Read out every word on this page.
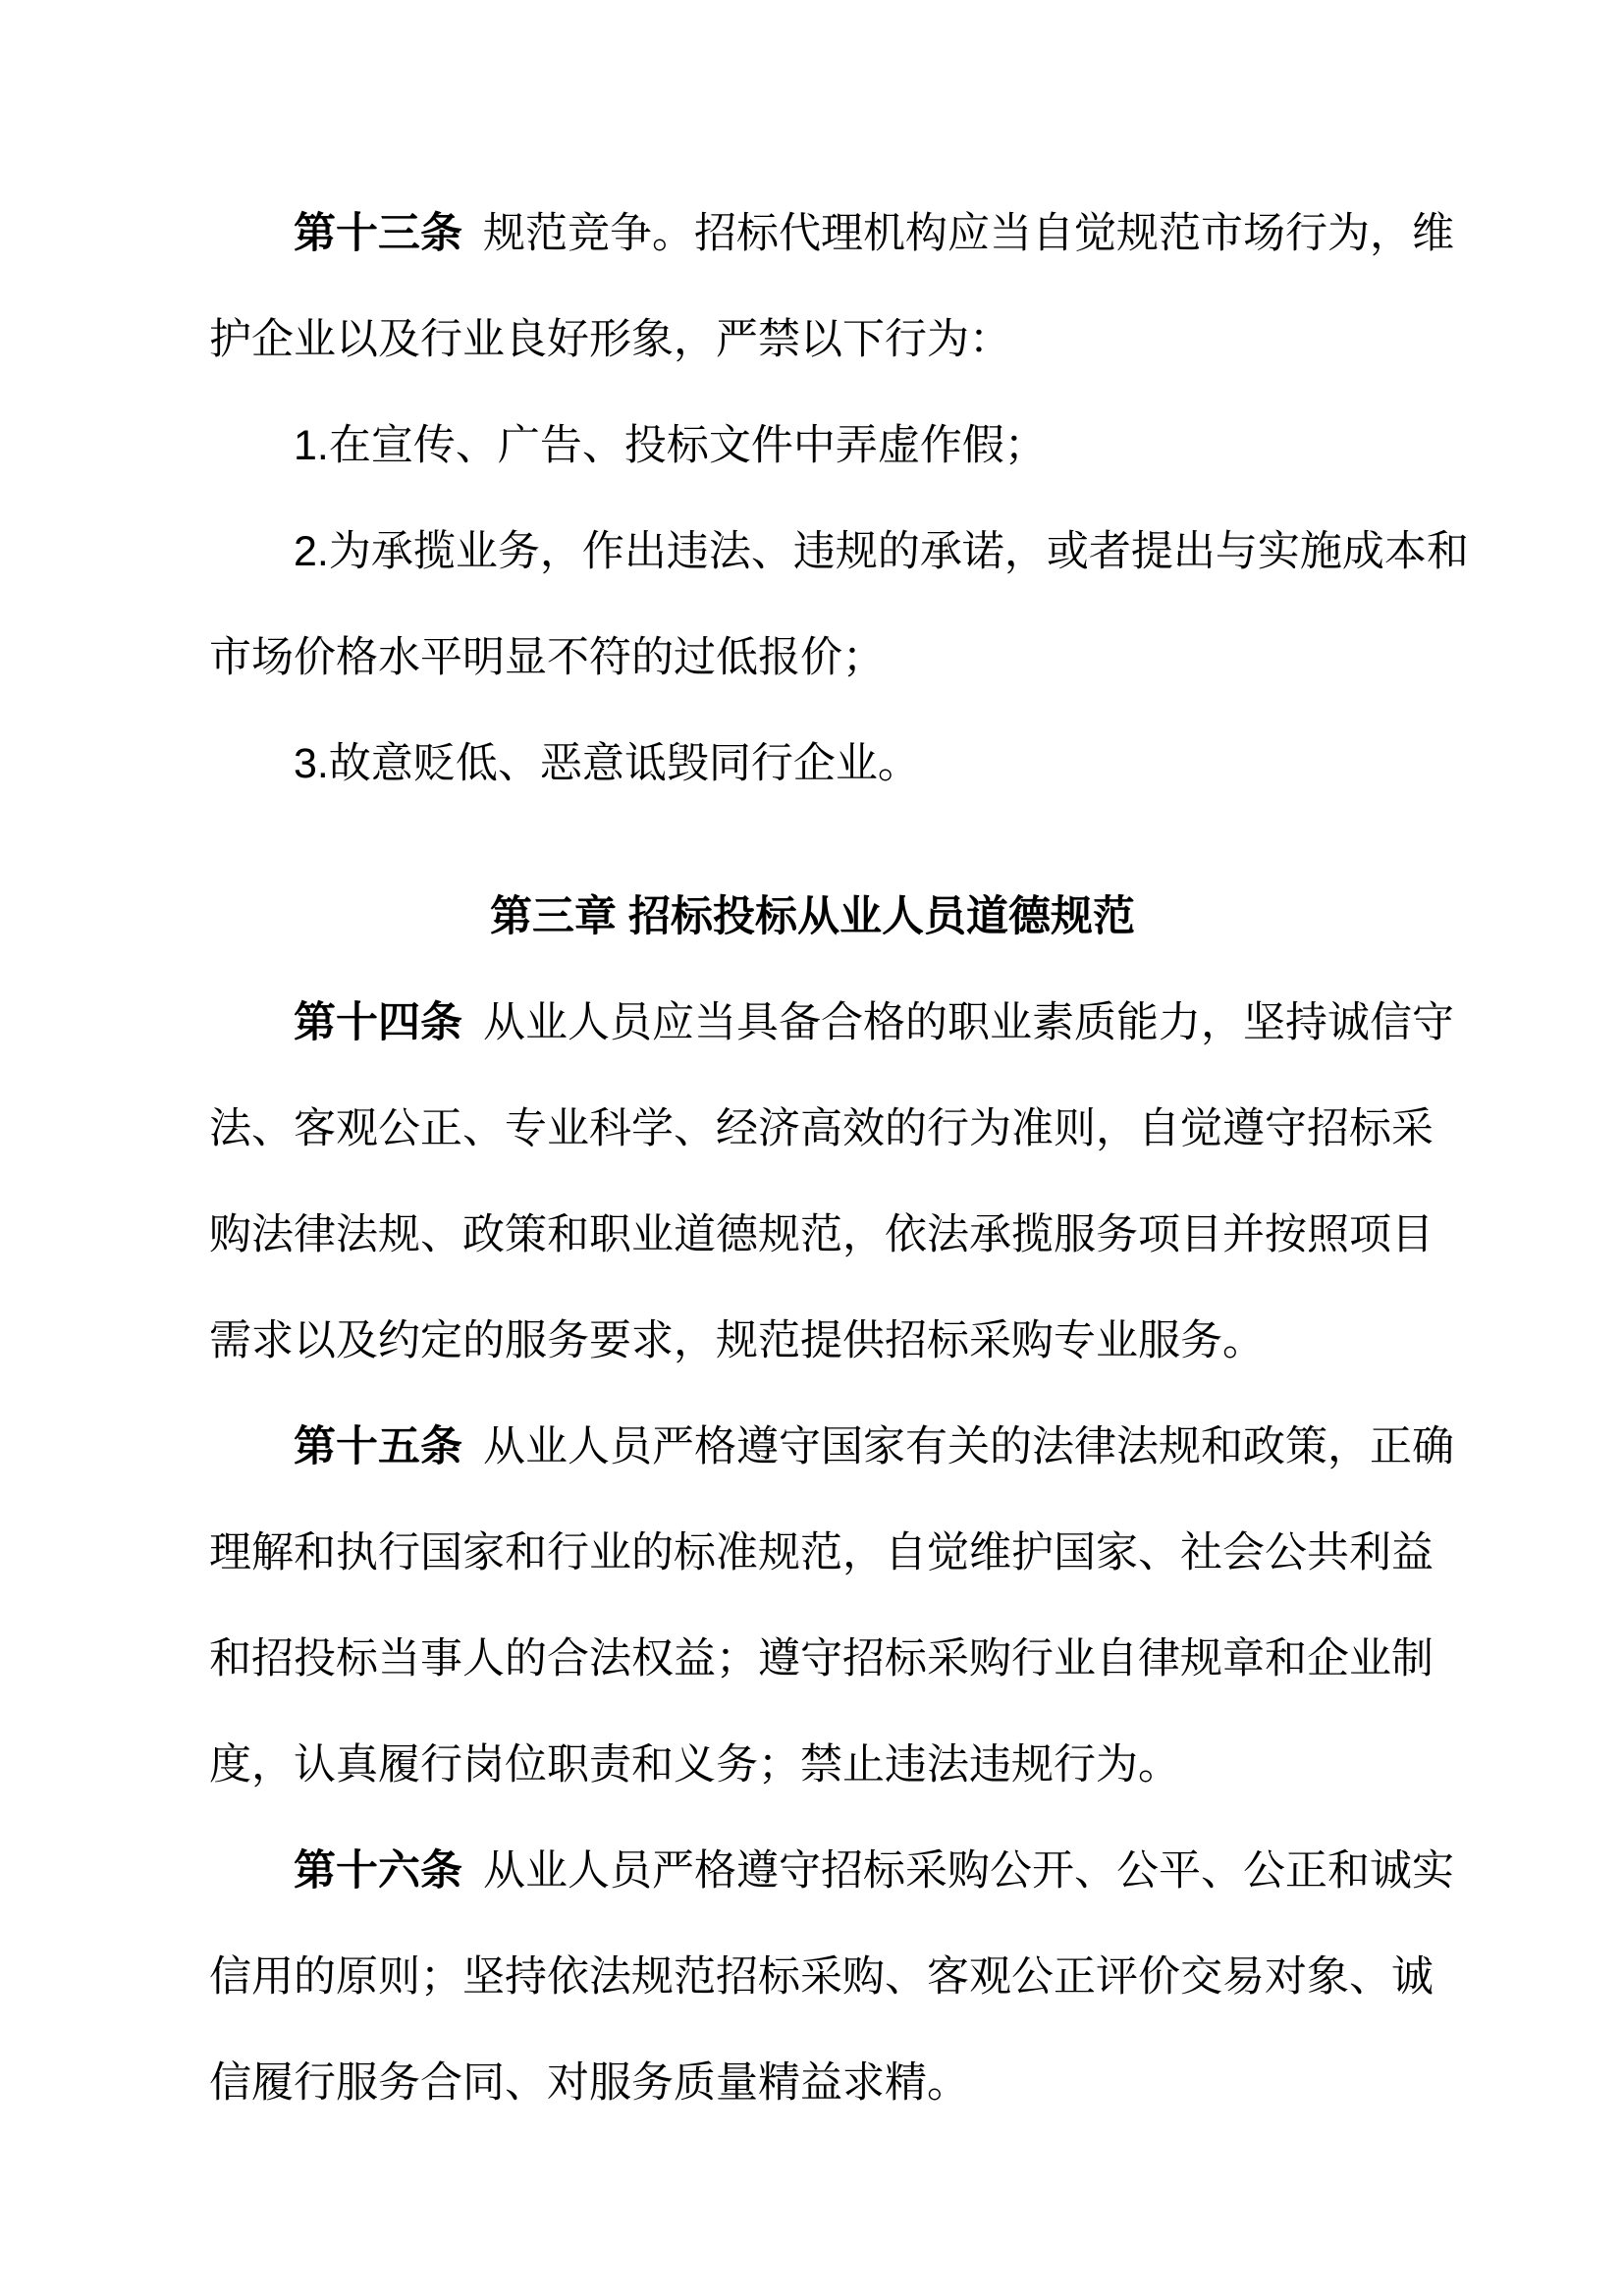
第十三条 规范竞争。招标代理机构应当自觉规范市场行为，维
护企业以及行业良好形象，严禁以下行为：
1.在宣传、广告、投标文件中弄虚作假；
2.为承揽业务，作出违法、违规的承诺，或者提出与实施成本和
市场价格水平明显不符的过低报价；
3.故意贬低、恶意诋毁同行企业。
第三章 招标投标从业人员道德规范
第十四条 从业人员应当具备合格的职业素质能力，坚持诚信守
法、客观公正、专业科学、经济高效的行为准则，自觉遵守招标采
购法律法规、政策和职业道德规范，依法承揽服务项目并按照项目
需求以及约定的服务要求，规范提供招标采购专业服务。
第十五条 从业人员严格遵守国家有关的法律法规和政策，正确
理解和执行国家和行业的标准规范，自觉维护国家、社会公共利益
和招投标当事人的合法权益；遵守招标采购行业自律规章和企业制
度，认真履行岗位职责和义务；禁止违法违规行为。
第十六条 从业人员严格遵守招标采购公开、公平、公正和诚实
信用的原则；坚持依法规范招标采购、客观公正评价交易对象、诚
信履行服务合同、对服务质量精益求精。
